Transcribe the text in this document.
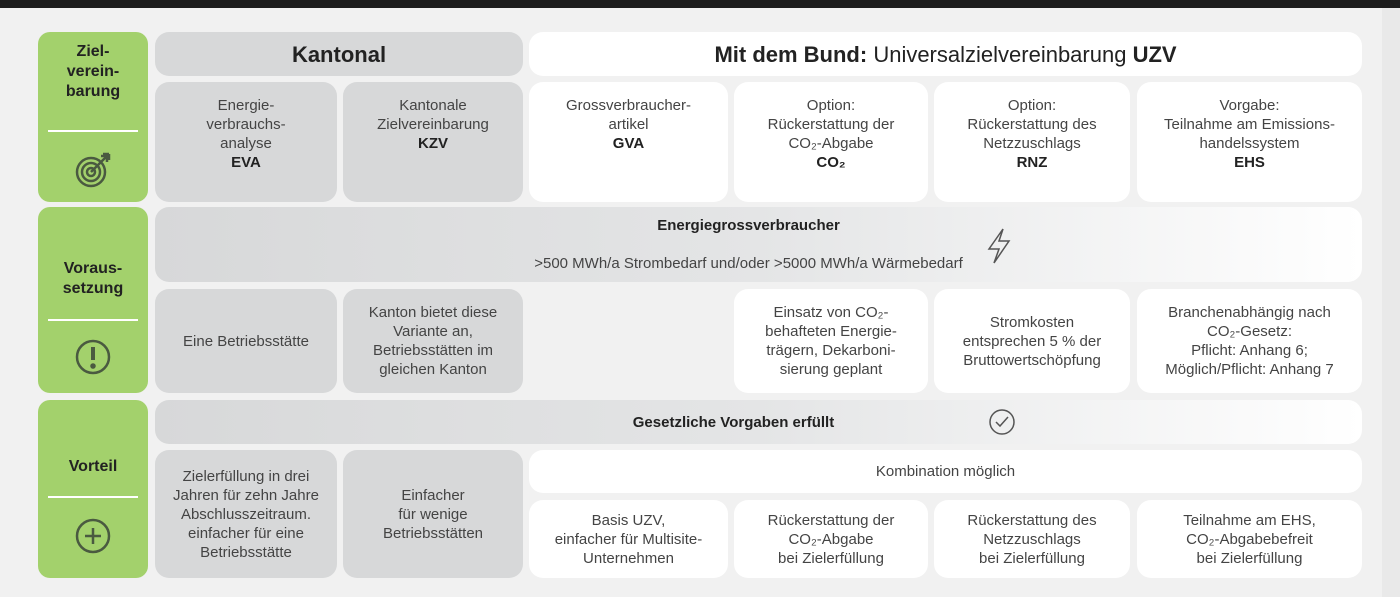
Ziel-
verein-
barung
Voraus-
setzung
Vorteil
Kantonal	Mit dem Bund: Universalzielvereinbarung UZV

Energiegrossverbraucher

>500 MWh/a Strombedarf und/oder >5000 MWh/a Wärmebedarf

Gesetzliche Vorgaben erfüllt
Kombination möglich
Energie-
verbrauchs-
analyse
EVA
Kantonale
Zielvereinbarung
KZV
Grossverbraucher-
artikel
GVA
Option:
Rückerstattung der
CO₂-Abgabe
CO₂
Option:
Rückerstattung des
Netzzuschlags
RNZ
Vorgabe:
Teilnahme am Emissions-
handelssystem
EHS
Eine Betriebsstätte
Kanton bietet diese
Variante an,
Betriebsstätten im
gleichen Kanton
Einsatz von CO₂-
behafteten Energie-
trägern, Dekarboni-
sierung geplant
Stromkosten
entsprechen 5 % der
Bruttowertschöpfung
Branchenabhängig nach
CO₂-Gesetz:
Pflicht: Anhang 6;
Möglich/Pflicht: Anhang 7
Zielerfüllung in drei
Jahren für zehn Jahre
Abschlusszeitraum.
einfacher für eine
Betriebsstätte
Einfacher
für wenige
Betriebsstätten
Basis UZV,
einfacher für Multisite-
Unternehmen
Rückerstattung der
CO₂-Abgabe
bei Zielerfüllung
Rückerstattung des
Netzzuschlags
bei Zielerfüllung
Teilnahme am EHS,
CO₂-Abgabebefreit
bei Zielerfüllung
